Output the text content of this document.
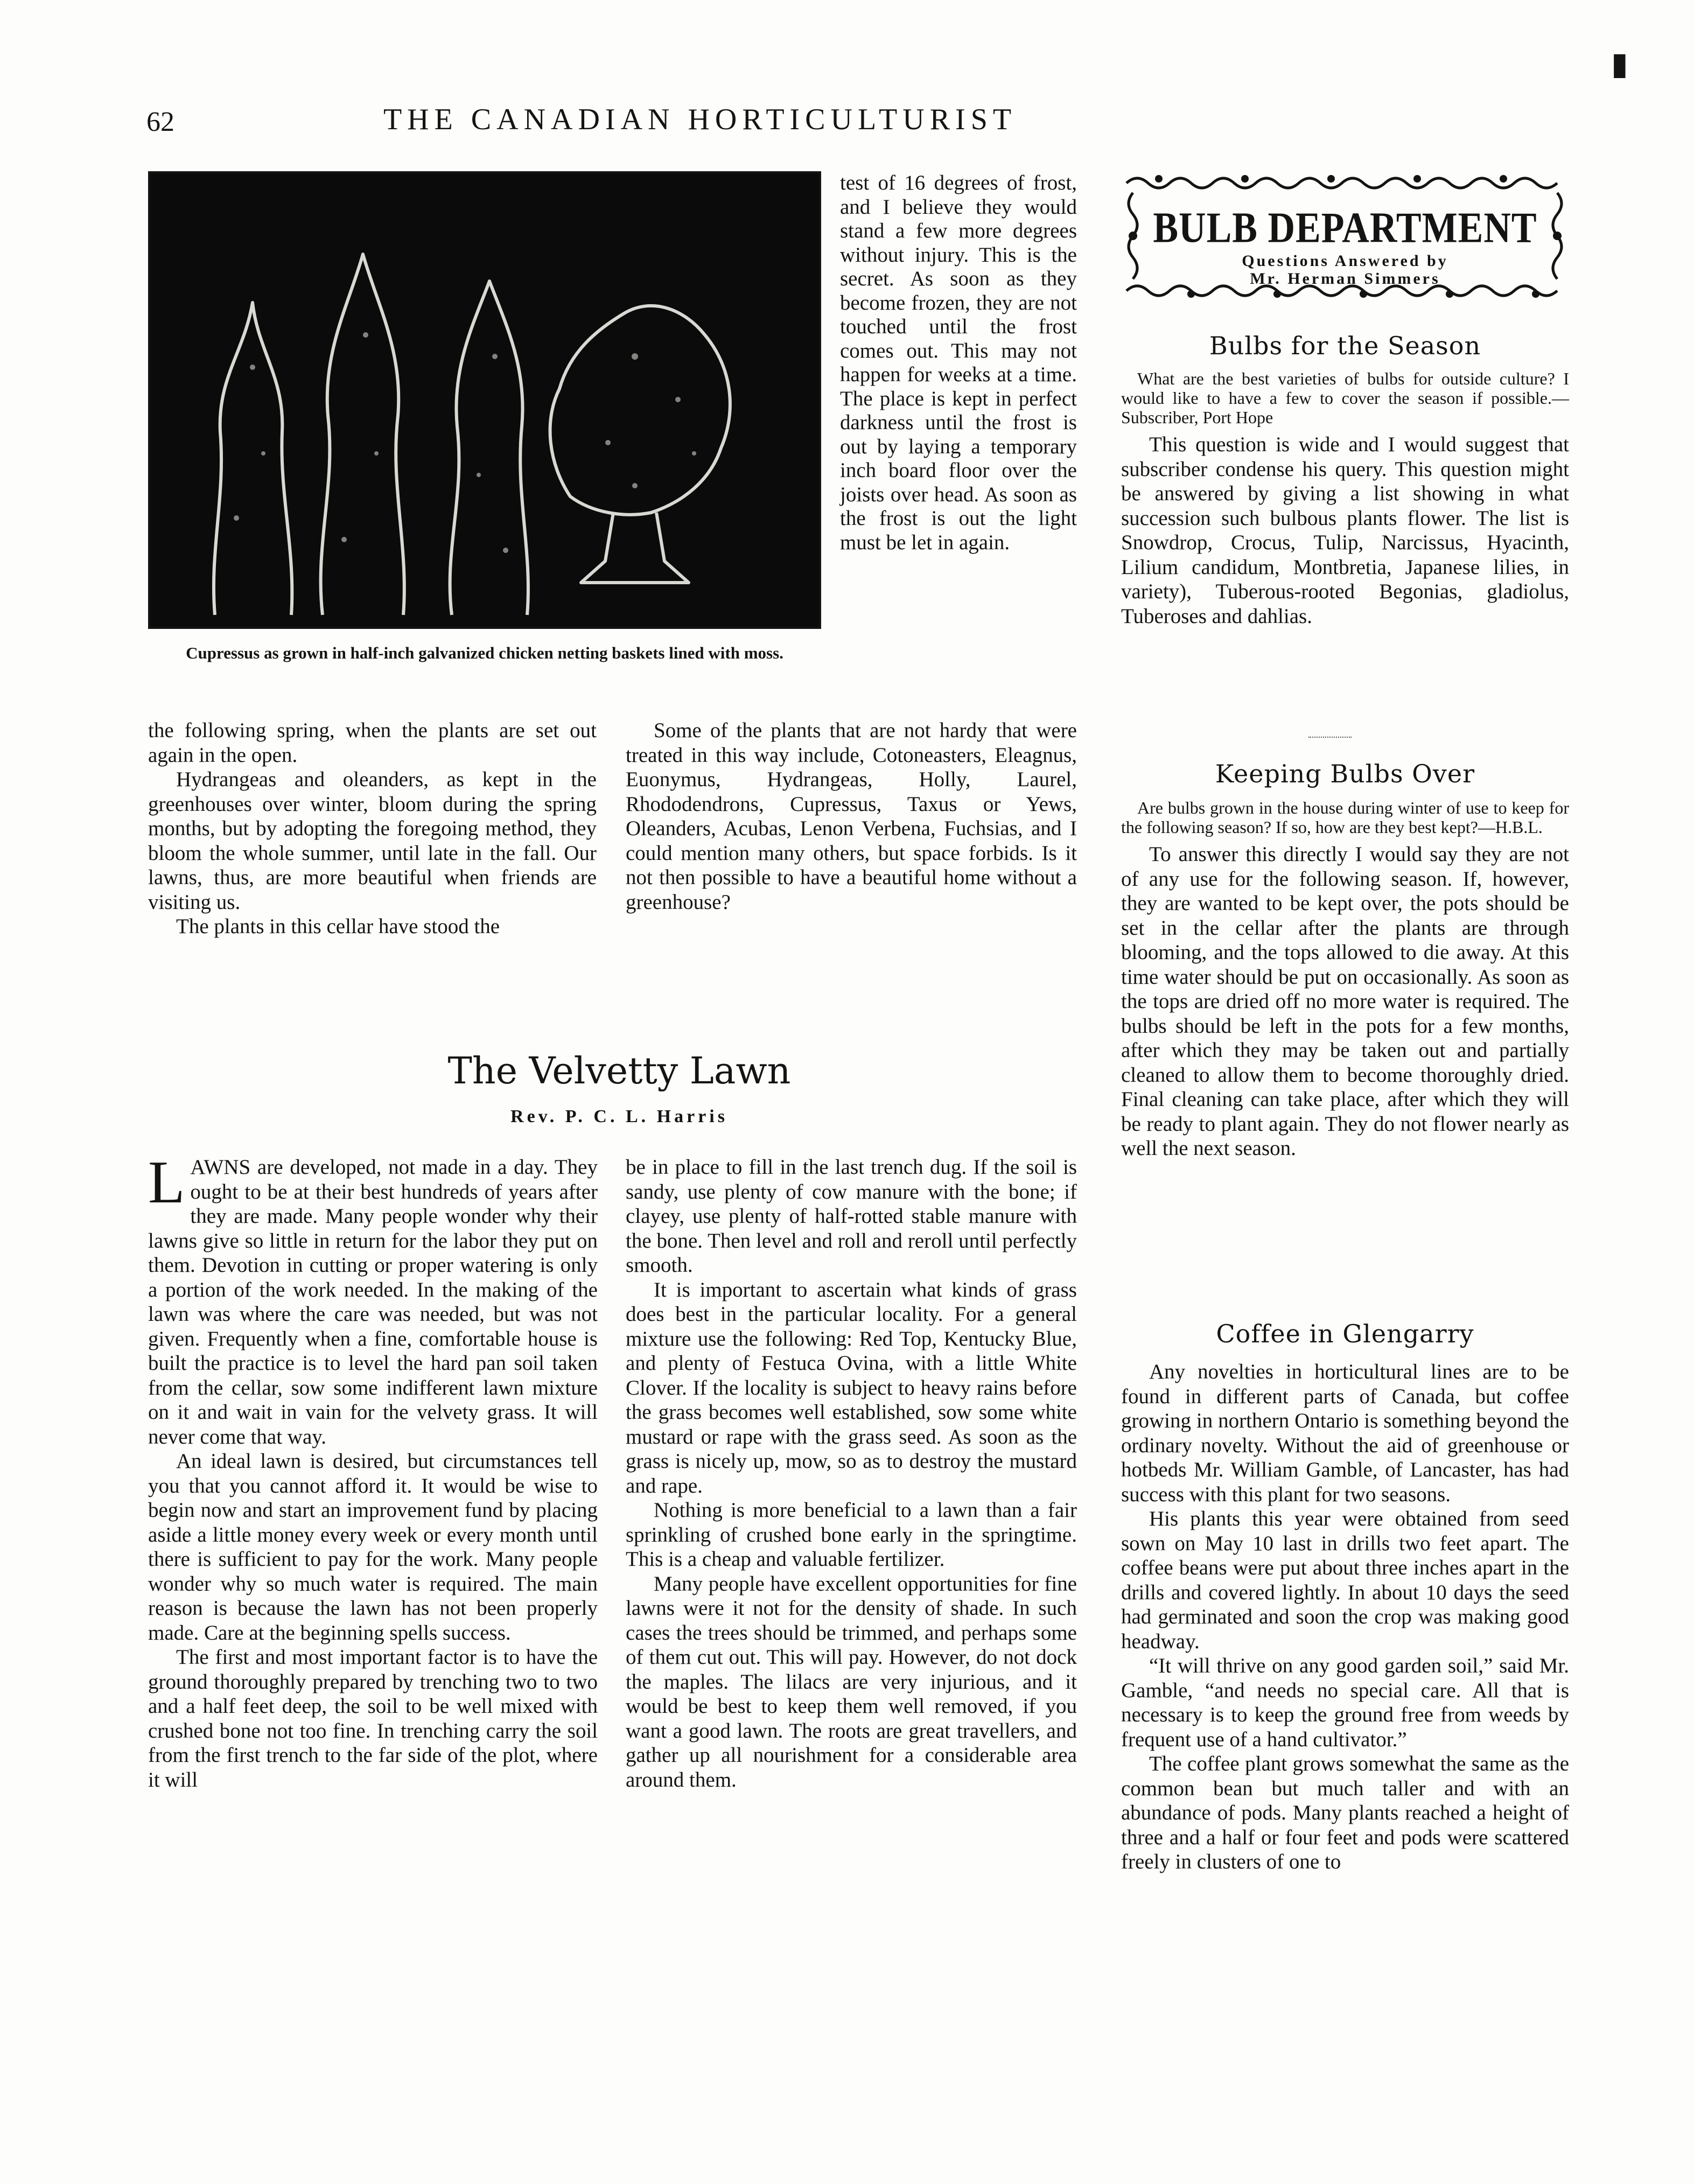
62	THE CANADIAN HORTICULTURIST
▮
Cupressus as grown in half-inch galvanized chicken netting baskets lined with moss.

the following spring, when the plants are set out again in the open.

Hydrangeas and oleanders, as kept in the greenhouses over winter, bloom during the spring months, but by adopting the foregoing method, they bloom the whole summer, until late in the fall. Our lawns, thus, are more beautiful when friends are visiting us.

The plants in this cellar have stood the

test of 16 degrees of frost, and I believe they would stand a few more degrees without injury. This is the secret. As soon as they become frozen, they are not touched until the frost comes out. This may not happen for weeks at a time. The place is kept in perfect darkness until the frost is out by laying a temporary inch board floor over the joists over head. As soon as the frost is out the light must be let in again.

Some of the plants that are not hardy that were treated in this way include, Cotoneasters, Eleagnus, Euonymus, Hydrangeas, Holly, Laurel, Rhododendrons, Cupressus, Taxus or Yews, Oleanders, Acubas, Lenon Verbena, Fuchsias, and I could mention many others, but space forbids. Is it not then possible to have a beautiful home without a greenhouse?

BULB DEPARTMENT
Questions Answered by
Mr. Herman Simmers
Bulbs for the Season

What are the best varieties of bulbs for outside culture? I would like to have a few to cover the season if possible.—Subscriber, Port Hope

This question is wide and I would suggest that subscriber condense his query. This question might be answered by giving a list showing in what succession such bulbous plants flower. The list is Snowdrop, Crocus, Tulip, Narcissus, Hyacinth, Lilium candidum, Montbretia, Japanese lilies, in variety), Tuberous-rooted Begonias, gladiolus, Tuberoses and dahlias.

Keeping Bulbs Over

Are bulbs grown in the house during winter of use to keep for the following season? If so, how are they best kept?—H.B.L.

To answer this directly I would say they are not of any use for the following season. If, however, they are wanted to be kept over, the pots should be set in the cellar after the plants are through blooming, and the tops allowed to die away. At this time water should be put on occasionally. As soon as the tops are dried off no more water is required. The bulbs should be left in the pots for a few months, after which they may be taken out and partially cleaned to allow them to become thoroughly dried. Final cleaning can take place, after which they will be ready to plant again. They do not flower nearly as well the next season.

Coffee in Glengarry

Any novelties in horticultural lines are to be found in different parts of Canada, but coffee growing in northern Ontario is something beyond the ordinary novelty. Without the aid of greenhouse or hotbeds Mr. William Gamble, of Lancaster, has had success with this plant for two seasons.

His plants this year were obtained from seed sown on May 10 last in drills two feet apart. The coffee beans were put about three inches apart in the drills and covered lightly. In about 10 days the seed had germinated and soon the crop was making good headway.

“It will thrive on any good garden soil,” said Mr. Gamble, “and needs no special care. All that is necessary is to keep the ground free from weeds by frequent use of a hand cultivator.”

The coffee plant grows somewhat the same as the common bean but much taller and with an abundance of pods. Many plants reached a height of three and a half or four feet and pods were scattered freely in clusters of one to

The Velvetty Lawn
Rev. P. C. L. Harris

LAWNS are developed, not made in a day. They ought to be at their best hundreds of years after they are made. Many people wonder why their lawns give so little in return for the labor they put on them. Devotion in cutting or proper watering is only a portion of the work needed. In the making of the lawn was where the care was needed, but was not given. Frequently when a fine, comfortable house is built the practice is to level the hard pan soil taken from the cellar, sow some indifferent lawn mixture on it and wait in vain for the velvety grass. It will never come that way.

An ideal lawn is desired, but circumstances tell you that you cannot afford it. It would be wise to begin now and start an improvement fund by placing aside a little money every week or every month until there is sufficient to pay for the work. Many people wonder why so much water is required. The main reason is because the lawn has not been properly made. Care at the beginning spells success.

The first and most important factor is to have the ground thoroughly prepared by trenching two to two and a half feet deep, the soil to be well mixed with crushed bone not too fine. In trenching carry the soil from the first trench to the far side of the plot, where it will

be in place to fill in the last trench dug. If the soil is sandy, use plenty of cow manure with the bone; if clayey, use plenty of half-rotted stable manure with the bone. Then level and roll and reroll until perfectly smooth.

It is important to ascertain what kinds of grass does best in the particular locality. For a general mixture use the following: Red Top, Kentucky Blue, and plenty of Festuca Ovina, with a little White Clover. If the locality is subject to heavy rains before the grass becomes well established, sow some white mustard or rape with the grass seed. As soon as the grass is nicely up, mow, so as to destroy the mustard and rape.

Nothing is more beneficial to a lawn than a fair sprinkling of crushed bone early in the springtime. This is a cheap and valuable fertilizer.

Many people have excellent opportunities for fine lawns were it not for the density of shade. In such cases the trees should be trimmed, and perhaps some of them cut out. This will pay. However, do not dock the maples. The lilacs are very injurious, and it would be best to keep them well removed, if you want a good lawn. The roots are great travellers, and gather up all nourishment for a considerable area around them.
